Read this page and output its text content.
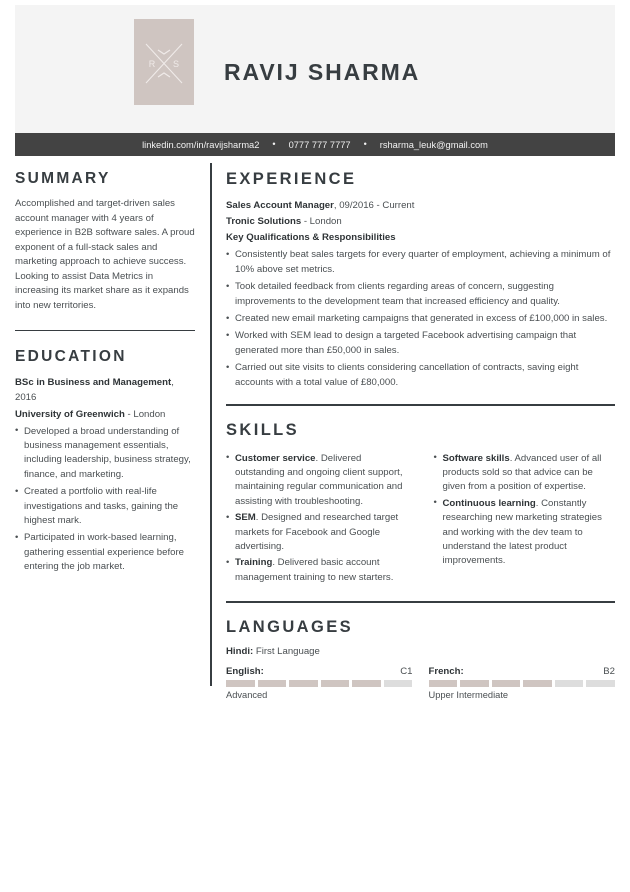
R S RAVIJ SHARMA
linkedin.com/in/ravijsharma2 • 0777 777 7777 • rsharma_leuk@gmail.com
SUMMARY
Accomplished and target-driven sales account manager with 4 years of experience in B2B software sales. A proud exponent of a full-stack sales and marketing approach to achieve success. Looking to assist Data Metrics in increasing its market share as it expands into new territories.
EDUCATION
BSc in Business and Management, 2016
University of Greenwich - London
• Developed a broad understanding of business management essentials, including leadership, business strategy, finance, and marketing.
• Created a portfolio with real-life investigations and tasks, gaining the highest mark.
• Participated in work-based learning, gathering essential experience before entering the job market.
EXPERIENCE
Sales Account Manager, 09/2016 - Current
Tronic Solutions - London
Key Qualifications & Responsibilities
• Consistently beat sales targets for every quarter of employment, achieving a minimum of 10% above set metrics.
• Took detailed feedback from clients regarding areas of concern, suggesting improvements to the development team that increased efficiency and quality.
• Created new email marketing campaigns that generated in excess of £100,000 in sales.
• Worked with SEM lead to design a targeted Facebook advertising campaign that generated more than £50,000 in sales.
• Carried out site visits to clients considering cancellation of contracts, saving eight accounts with a total value of £80,000.
SKILLS
• Customer service. Delivered outstanding and ongoing client support, maintaining regular communication and assisting with troubleshooting.
• SEM. Designed and researched target markets for Facebook and Google advertising.
• Training. Delivered basic account management training to new starters.
• Software skills. Advanced user of all products sold so that advice can be given from a position of expertise.
• Continuous learning. Constantly researching new marketing strategies and working with the dev team to understand the latest product improvements.
LANGUAGES
Hindi: First Language
English:	C1
Advanced
French:	B2
Upper Intermediate
